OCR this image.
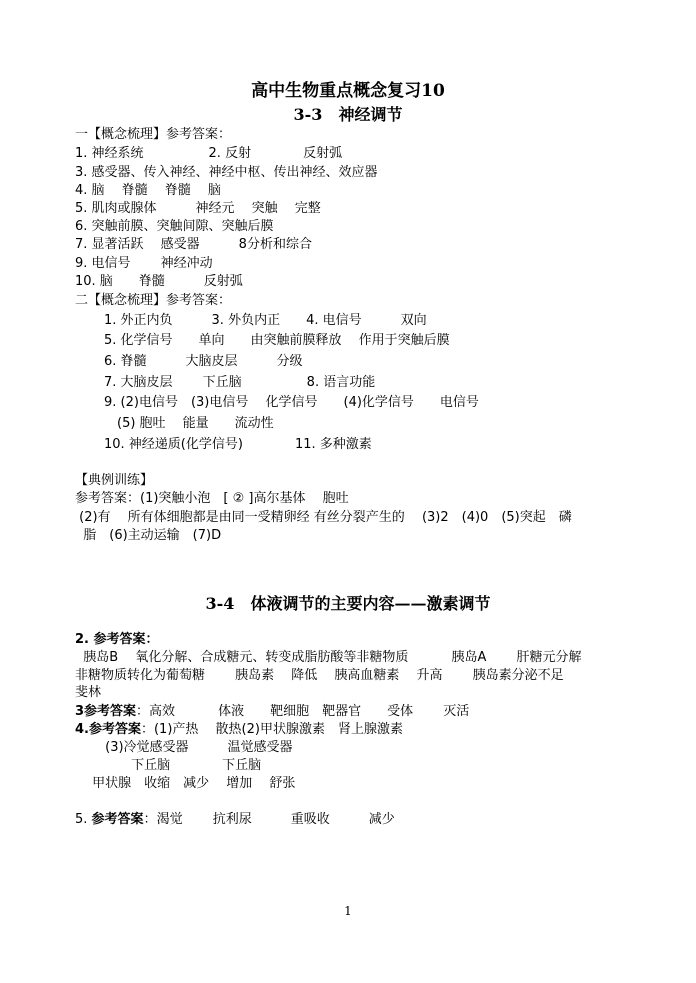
高中生物重点概念复习10
3-3　神经调节
一【概念梳理】参考答案：
1. 神经系统　　　　　2. 反射　　　　反射弧
3. 感受器、传入神经、神经中枢、传出神经、效应器
4. 脑　 脊髓　 脊髓　 脑
5. 肌肉或腺体　　　神经元　 突触　 完整
6. 突触前膜、突触间隙、突触后膜
7. 显著活跃　 感受器　　　8分析和综合
9. 电信号　　 神经冲动
10. 脑　　脊髓　　　反射弧
二【概念梳理】参考答案：
1. 外正内负　　　3. 外负内正　　4. 电信号　　　双向
5. 化学信号　　单向　　由突触前膜释放　 作用于突触后膜
6. 脊髓　　　大脑皮层　　　分级
7. 大脑皮层　　 下丘脑　　　　　8. 语言功能
9. (2)电信号　(3)电信号　 化学信号　　(4)化学信号　　电信号
　(5) 胞吐　 能量　　流动性
10. 神经递质(化学信号)　　　　11. 多种激素
【典例训练】
参考答案：(1)突触小泡　[ ② ]高尔基体　 胞吐
(2)有　 所有体细胞都是由同一受精卵经 有丝分裂产生的　 (3)2　(4)0　(5)突起　磷
脂　(6)主动运输　(7)D
3-4　体液调节的主要内容——激素调节
2. 参考答案：
胰岛B　 氧化分解、合成糖元、转变成脂肪酸等非糖物质　　　 胰岛A　　 肝糖元分解
非糖物质转化为葡萄糖　　 胰岛素　 降低　 胰高血糖素　 升高　　 胰岛素分泌不足
斐林
3参考答案：高效　　　 体液　　靶细胞　靶器官　　受体　　 灭活
4.参考答案：(1)产热　 散热(2)甲状腺激素　肾上腺激素
　　 (3)冷觉感受器　　　温觉感受器
　　　　 下丘脑　　　　下丘脑
　 甲状腺　收缩　减少　 增加　 舒张
5. 参考答案：渴觉　　 抗利尿　　　重吸收　　　减少
1
